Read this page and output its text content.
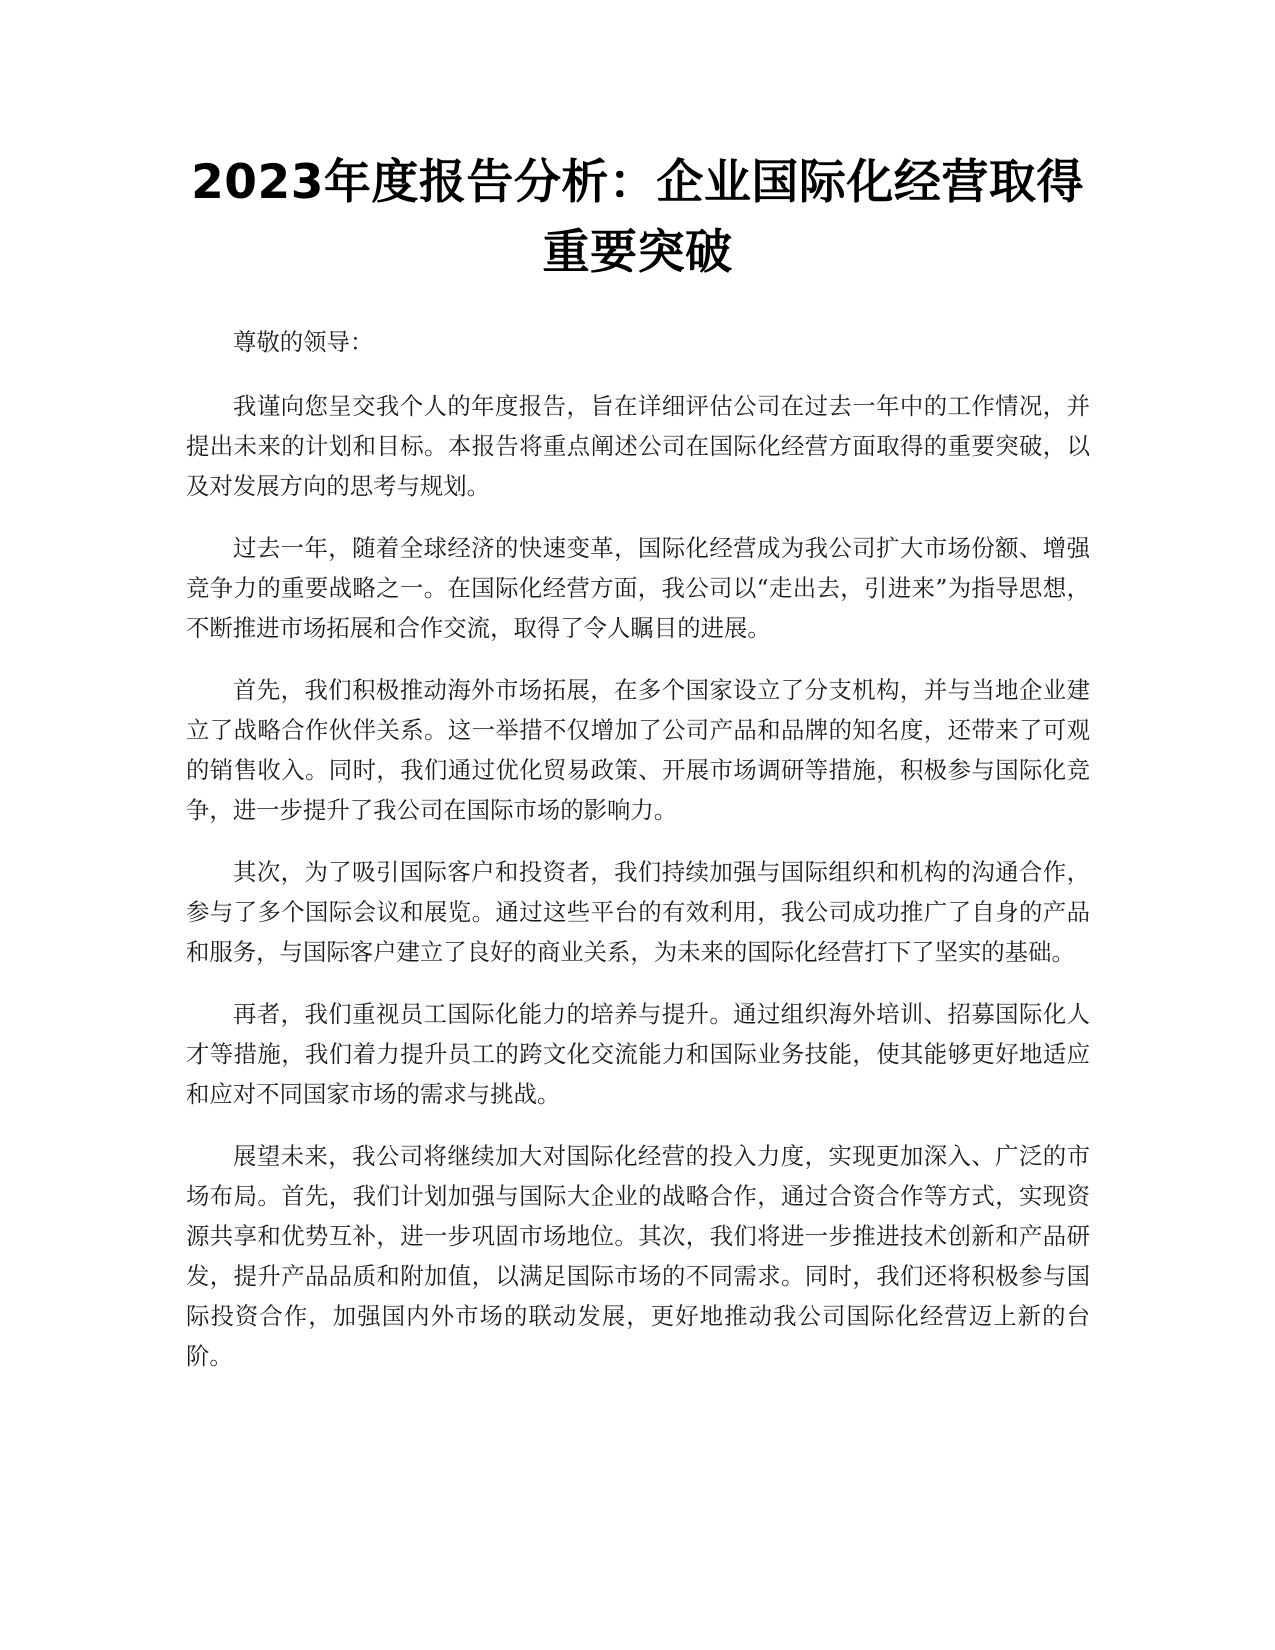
2023年度报告分析：企业国际化经营取得重要突破

尊敬的领导：

我谨向您呈交我个人的年度报告，旨在详细评估公司在过去一年中的工作情况，并提出未来的计划和目标。本报告将重点阐述公司在国际化经营方面取得的重要突破，以及对发展方向的思考与规划。

过去一年，随着全球经济的快速变革，国际化经营成为我公司扩大市场份额、增强竞争力的重要战略之一。在国际化经营方面，我公司以“走出去，引进来”为指导思想，不断推进市场拓展和合作交流，取得了令人瞩目的进展。

首先，我们积极推动海外市场拓展，在多个国家设立了分支机构，并与当地企业建立了战略合作伙伴关系。这一举措不仅增加了公司产品和品牌的知名度，还带来了可观的销售收入。同时，我们通过优化贸易政策、开展市场调研等措施，积极参与国际化竞争，进一步提升了我公司在国际市场的影响力。

其次，为了吸引国际客户和投资者，我们持续加强与国际组织和机构的沟通合作，参与了多个国际会议和展览。通过这些平台的有效利用，我公司成功推广了自身的产品和服务，与国际客户建立了良好的商业关系，为未来的国际化经营打下了坚实的基础。

再者，我们重视员工国际化能力的培养与提升。通过组织海外培训、招募国际化人才等措施，我们着力提升员工的跨文化交流能力和国际业务技能，使其能够更好地适应和应对不同国家市场的需求与挑战。

展望未来，我公司将继续加大对国际化经营的投入力度，实现更加深入、广泛的市场布局。首先，我们计划加强与国际大企业的战略合作，通过合资合作等方式，实现资源共享和优势互补，进一步巩固市场地位。其次，我们将进一步推进技术创新和产品研发，提升产品品质和附加值，以满足国际市场的不同需求。同时，我们还将积极参与国际投资合作，加强国内外市场的联动发展，更好地推动我公司国际化经营迈上新的台阶。
